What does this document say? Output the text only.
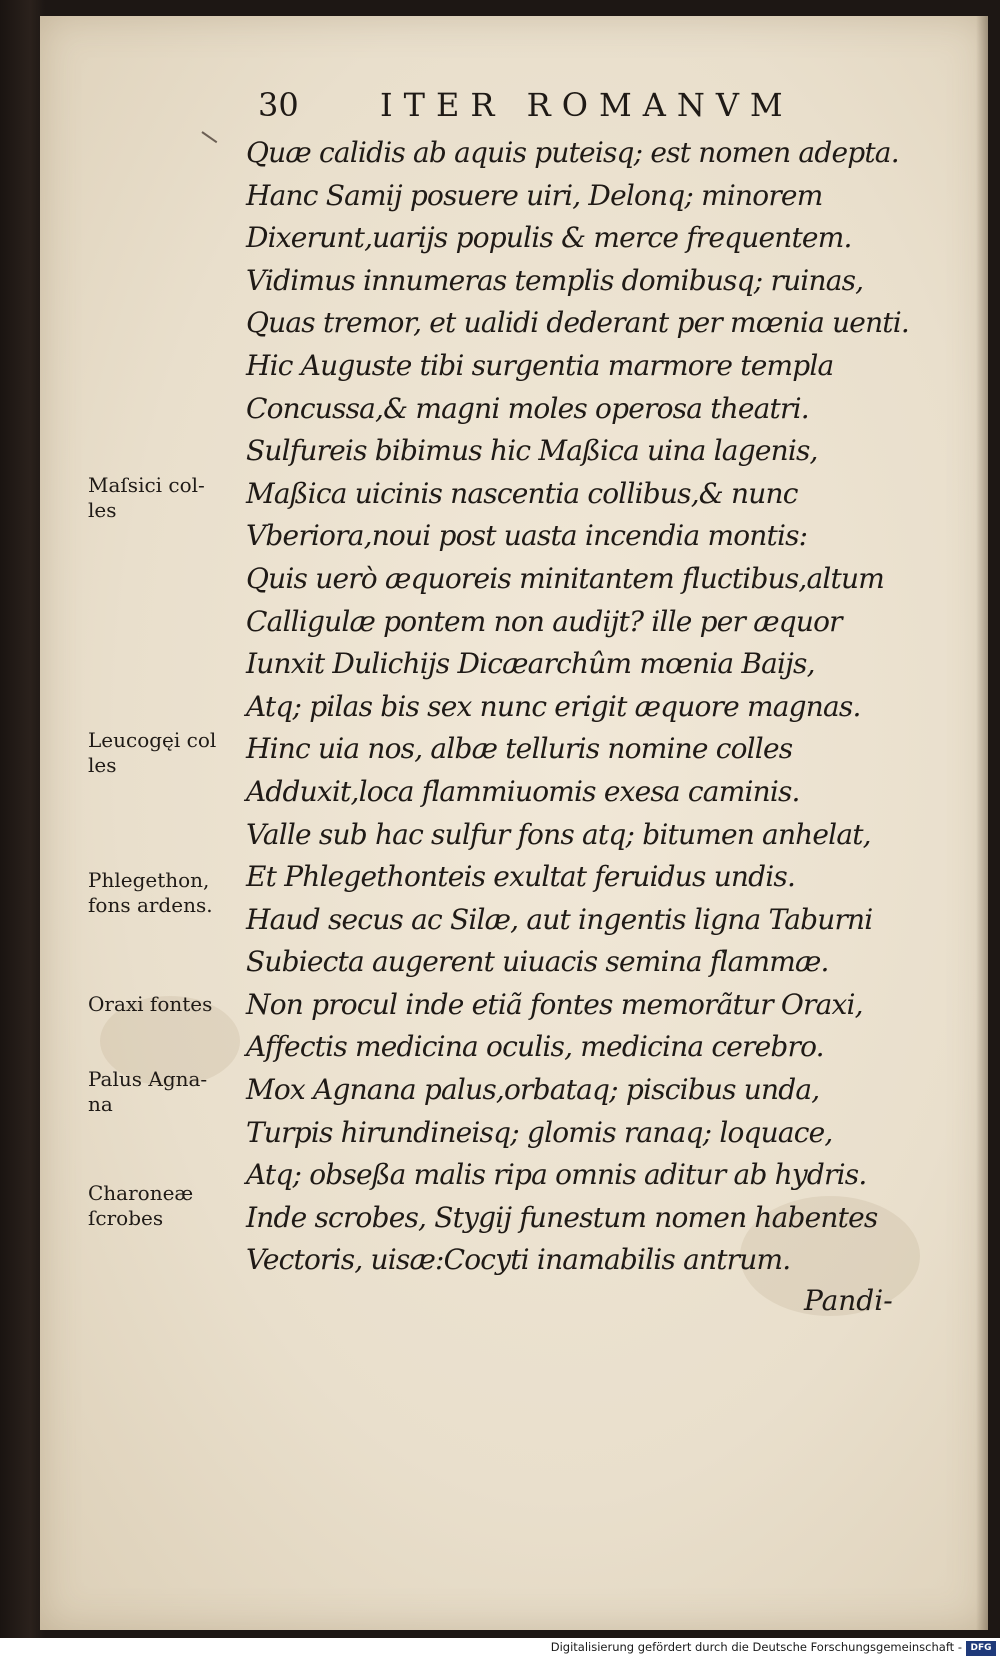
30	ITER ROMANVM
Quæ calidis ab aquis puteisq; est nomen adepta.
Hanc Samij posuere uiri, Delonq; minorem
Dixerunt,uarijs populis & merce frequentem.
Vidimus innumeras templis domibusq; ruinas,
Quas tremor, et ualidi dederant per mœnia uenti.
Hic Auguste tibi surgentia marmore templa
Concussa,& magni moles operosa theatri.
Sulfureis bibimus hic Maßica uina lagenis,
Maßica uicinis nascentia collibus,& nunc
Vberiora,noui post uasta incendia montis:
Quis uerò æquoreis minitantem fluctibus,altum
Calligulæ pontem non audijt? ille per æquor
Iunxit Dulichijs Dicæarchûm mœnia Baijs,
Atq; pilas bis sex nunc erigit æquore magnas.
Hinc uia nos, albæ telluris nomine colles
Adduxit,loca flammiuomis exesa caminis.
Valle sub hac sulfur fons atq; bitumen anhelat,
Et Phlegethonteis exultat feruidus undis.
Haud secus ac Silæ, aut ingentis ligna Taburni
Subiecta augerent uiuacis semina flammæ.
Non procul inde etiã fontes memorãtur Oraxi,
Affectis medicina oculis, medicina cerebro.
Mox Agnana palus,orbataq; piscibus unda,
Turpis hirundineisq; glomis ranaq; loquace,
Atq; obseßa malis ripa omnis aditur ab hydris.
Inde scrobes, Stygij funestum nomen habentes
Vectoris, uisæ:Cocyti inamabilis antrum.
Pandi-
Maſsici col-
les
Leucogęi col
les
Phlegethon,
fons ardens.
Oraxi fontes
Palus Agna-
na
Charoneæ
ſcrobes
Digitalisierung gefördert durch die Deutsche Forschungsgemeinschaft - DFG
